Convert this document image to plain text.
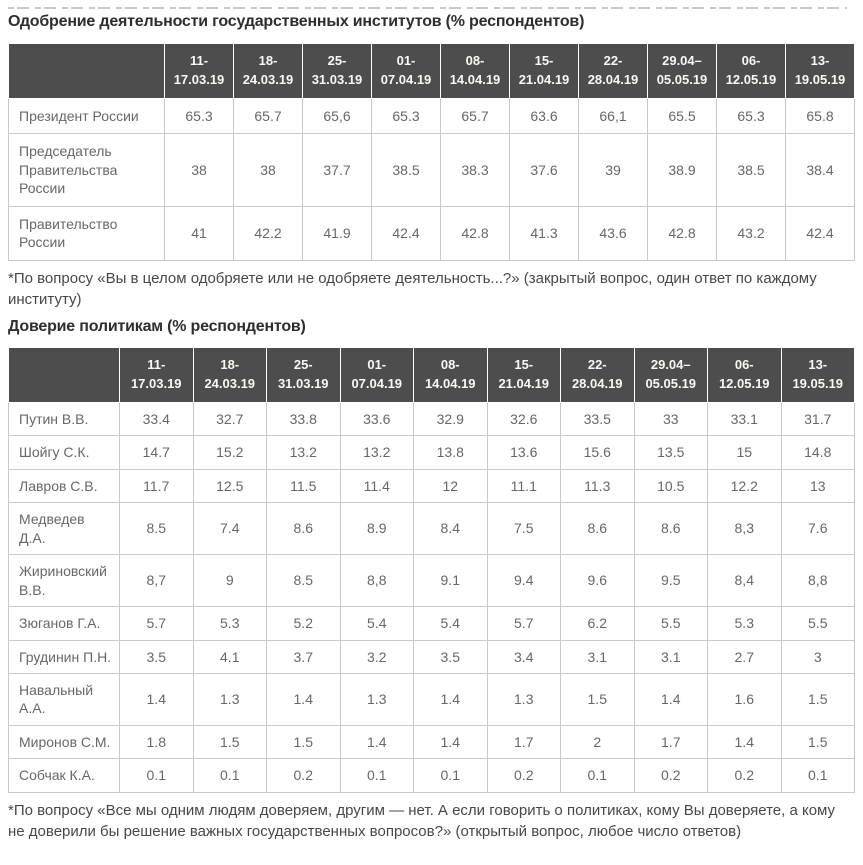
Одобрение деятельности государственных институтов (% респондентов)
	11-17.03.19	18-24.03.19	25-31.03.19	01-07.04.19	08-14.04.19	15-21.04.19	22-28.04.19	29.04–05.05.19	06-12.05.19	13-19.05.19
Президент России	65.3	65.7	65,6	65.3	65.7	63.6	66,1	65.5	65.3	65.8
Председатель Правительства России	38	38	37.7	38.5	38.3	37.6	39	38.9	38.5	38.4
Правительство России	41	42.2	41.9	42.4	42.8	41.3	43.6	42.8	43.2	42.4

*По вопросу «Вы в целом одобряете или не одобряете деятельность...?» (закрытый вопрос, один ответ по каждому институту)

Доверие политикам (% респондентов)
	11-17.03.19	18-24.03.19	25-31.03.19	01-07.04.19	08-14.04.19	15-21.04.19	22-28.04.19	29.04–05.05.19	06-12.05.19	13-19.05.19
Путин В.В.	33.4	32.7	33.8	33.6	32.9	32.6	33.5	33	33.1	31.7
Шойгу С.К.	14.7	15.2	13.2	13.2	13.8	13.6	15.6	13.5	15	14.8
Лавров С.В.	11.7	12.5	11.5	11.4	12	11.1	11.3	10.5	12.2	13
Медведев Д.А.	8.5	7.4	8.6	8.9	8.4	7.5	8.6	8.6	8,3	7.6
Жириновский В.В.	8,7	9	8.5	8,8	9.1	9.4	9.6	9.5	8,4	8,8
Зюганов Г.А.	5.7	5.3	5.2	5.4	5.4	5.7	6.2	5.5	5.3	5.5
Грудинин П.Н.	3.5	4.1	3.7	3.2	3.5	3.4	3.1	3.1	2.7	3
Навальный А.А.	1.4	1.3	1.4	1.3	1.4	1.3	1.5	1.4	1.6	1.5
Миронов С.М.	1.8	1.5	1.5	1.4	1.4	1.7	2	1.7	1.4	1.5
Собчак К.А.	0.1	0.1	0.2	0.1	0.1	0.2	0.1	0.2	0.2	0.1

*По вопросу «Все мы одним людям доверяем, другим — нет. А если говорить о политиках, кому Вы доверяете, а кому не доверили бы решение важных государственных вопросов?» (открытый вопрос, любое число ответов)
